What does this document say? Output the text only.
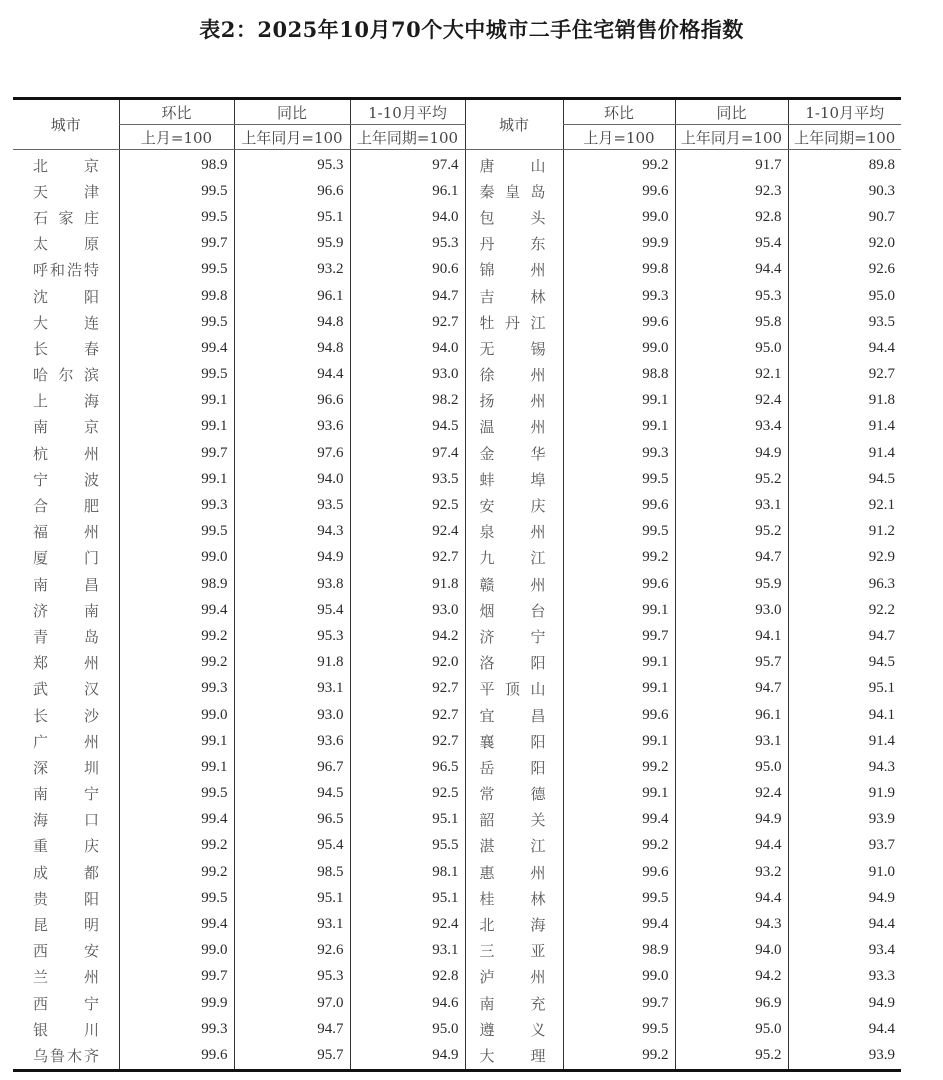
表2：2025年10月70个大中城市二手住宅销售价格指数
城市	环比	同比	1-10月平均	城市	环比	同比	1-10月平均
	上月=100	上年同月=100	上年同期=100		上月=100	上年同月=100	上年同期=100

北 京	98.9	95.3	97.4	唐 山	99.2	91.7	89.8

天 津	99.5	96.6	96.1	秦 皇 岛	99.6	92.3	90.3

石 家 庄	99.5	95.1	94.0	包 头	99.0	92.8	90.7

太 原	99.7	95.9	95.3	丹 东	99.9	95.4	92.0

呼 和 浩 特	99.5	93.2	90.6	锦 州	99.8	94.4	92.6

沈 阳	99.8	96.1	94.7	吉 林	99.3	95.3	95.0

大 连	99.5	94.8	92.7	牡 丹 江	99.6	95.8	93.5

长 春	99.4	94.8	94.0	无 锡	99.0	95.0	94.4

哈 尔 滨	99.5	94.4	93.0	徐 州	98.8	92.1	92.7

上 海	99.1	96.6	98.2	扬 州	99.1	92.4	91.8

南 京	99.1	93.6	94.5	温 州	99.1	93.4	91.4

杭 州	99.7	97.6	97.4	金 华	99.3	94.9	91.4

宁 波	99.1	94.0	93.5	蚌 埠	99.5	95.2	94.5

合 肥	99.3	93.5	92.5	安 庆	99.6	93.1	92.1

福 州	99.5	94.3	92.4	泉 州	99.5	95.2	91.2

厦 门	99.0	94.9	92.7	九 江	99.2	94.7	92.9

南 昌	98.9	93.8	91.8	赣 州	99.6	95.9	96.3

济 南	99.4	95.4	93.0	烟 台	99.1	93.0	92.2

青 岛	99.2	95.3	94.2	济 宁	99.7	94.1	94.7

郑 州	99.2	91.8	92.0	洛 阳	99.1	95.7	94.5

武 汉	99.3	93.1	92.7	平 顶 山	99.1	94.7	95.1

长 沙	99.0	93.0	92.7	宜 昌	99.6	96.1	94.1

广 州	99.1	93.6	92.7	襄 阳	99.1	93.1	91.4

深 圳	99.1	96.7	96.5	岳 阳	99.2	95.0	94.3

南 宁	99.5	94.5	92.5	常 德	99.1	92.4	91.9

海 口	99.4	96.5	95.1	韶 关	99.4	94.9	93.9

重 庆	99.2	95.4	95.5	湛 江	99.2	94.4	93.7

成 都	99.2	98.5	98.1	惠 州	99.6	93.2	91.0

贵 阳	99.5	95.1	95.1	桂 林	99.5	94.4	94.9

昆 明	99.4	93.1	92.4	北 海	99.4	94.3	94.4

西 安	99.0	92.6	93.1	三 亚	98.9	94.0	93.4

兰 州	99.7	95.3	92.8	泸 州	99.0	94.2	93.3

西 宁	99.9	97.0	94.6	南 充	99.7	96.9	94.9

银 川	99.3	94.7	95.0	遵 义	99.5	95.0	94.4

乌 鲁 木 齐	99.6	95.7	94.9	大 理	99.2	95.2	93.9
